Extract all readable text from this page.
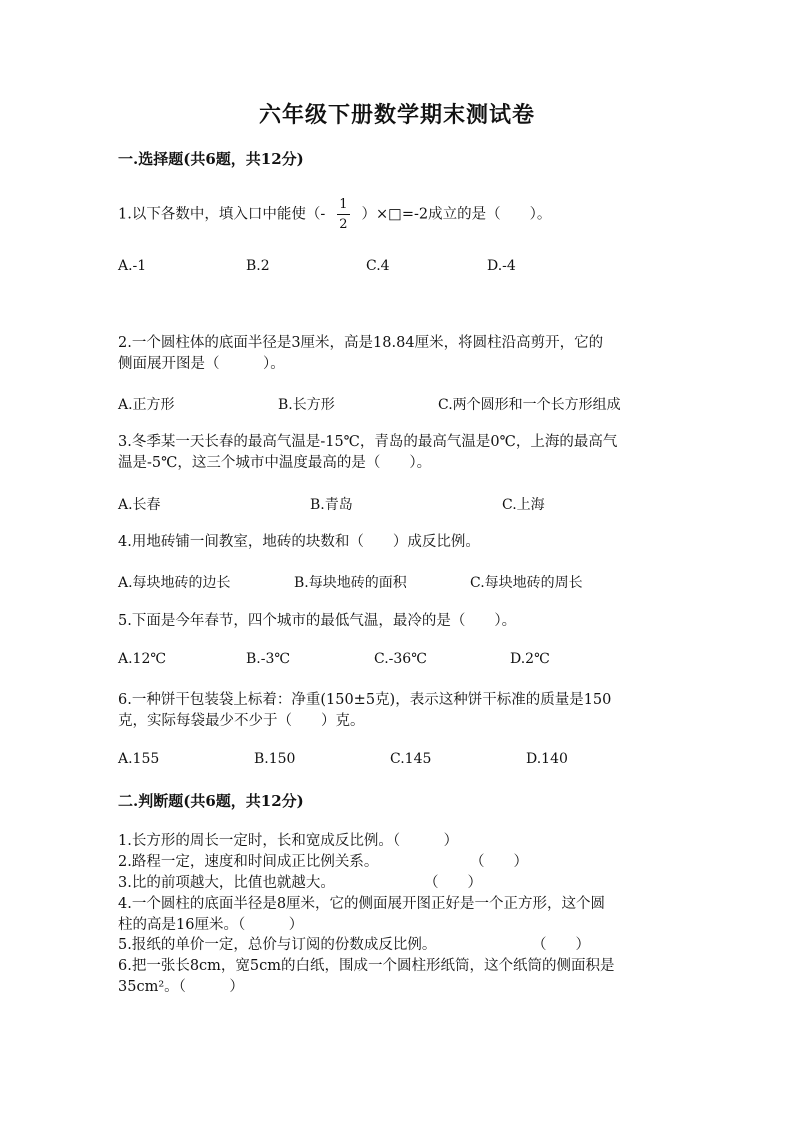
六年级下册数学期末测试卷
一.选择题(共6题，共12分)
1.以下各数中，填入口中能使（- $\frac{1}{2}$ ）×□=-2成立的是（　　）。
A.-1	B.2	C.4	D.-4
2.一个圆柱体的底面半径是3厘米，高是18.84厘米，将圆柱沿高剪开，它的
侧面展开图是（　　　）。
A.正方形	B.长方形	C.两个圆形和一个长方形组成
3.冬季某一天长春的最高气温是-15℃，青岛的最高气温是0℃，上海的最高气
温是-5℃，这三个城市中温度最高的是（　　）。
A.长春	B.青岛	C.上海
4.用地砖铺一间教室，地砖的块数和（　　）成反比例。
A.每块地砖的边长	B.每块地砖的面积	C.每块地砖的周长
5.下面是今年春节，四个城市的最低气温，最冷的是（　　）。
A.12℃	B.-3℃	C.-36℃	D.2℃
6.一种饼干包装袋上标着：净重(150±5克)，表示这种饼干标准的质量是150
克，实际每袋最少不少于（　　）克。
A.155	B.150	C.145	D.140
二.判断题(共6题，共12分)
1.长方形的周长一定时，长和宽成反比例。（　　　）
2.路程一定，速度和时间成正比例关系。	（　　）
3.比的前项越大，比值也就越大。	（　　）
4.一个圆柱的底面半径是8厘米，它的侧面展开图正好是一个正方形，这个圆
柱的高是16厘米。（　　　）
5.报纸的单价一定，总价与订阅的份数成反比例。	（　　）
6.把一张长8cm，宽5cm的白纸，围成一个圆柱形纸筒，这个纸筒的侧面积是
35cm²。（　　　）
